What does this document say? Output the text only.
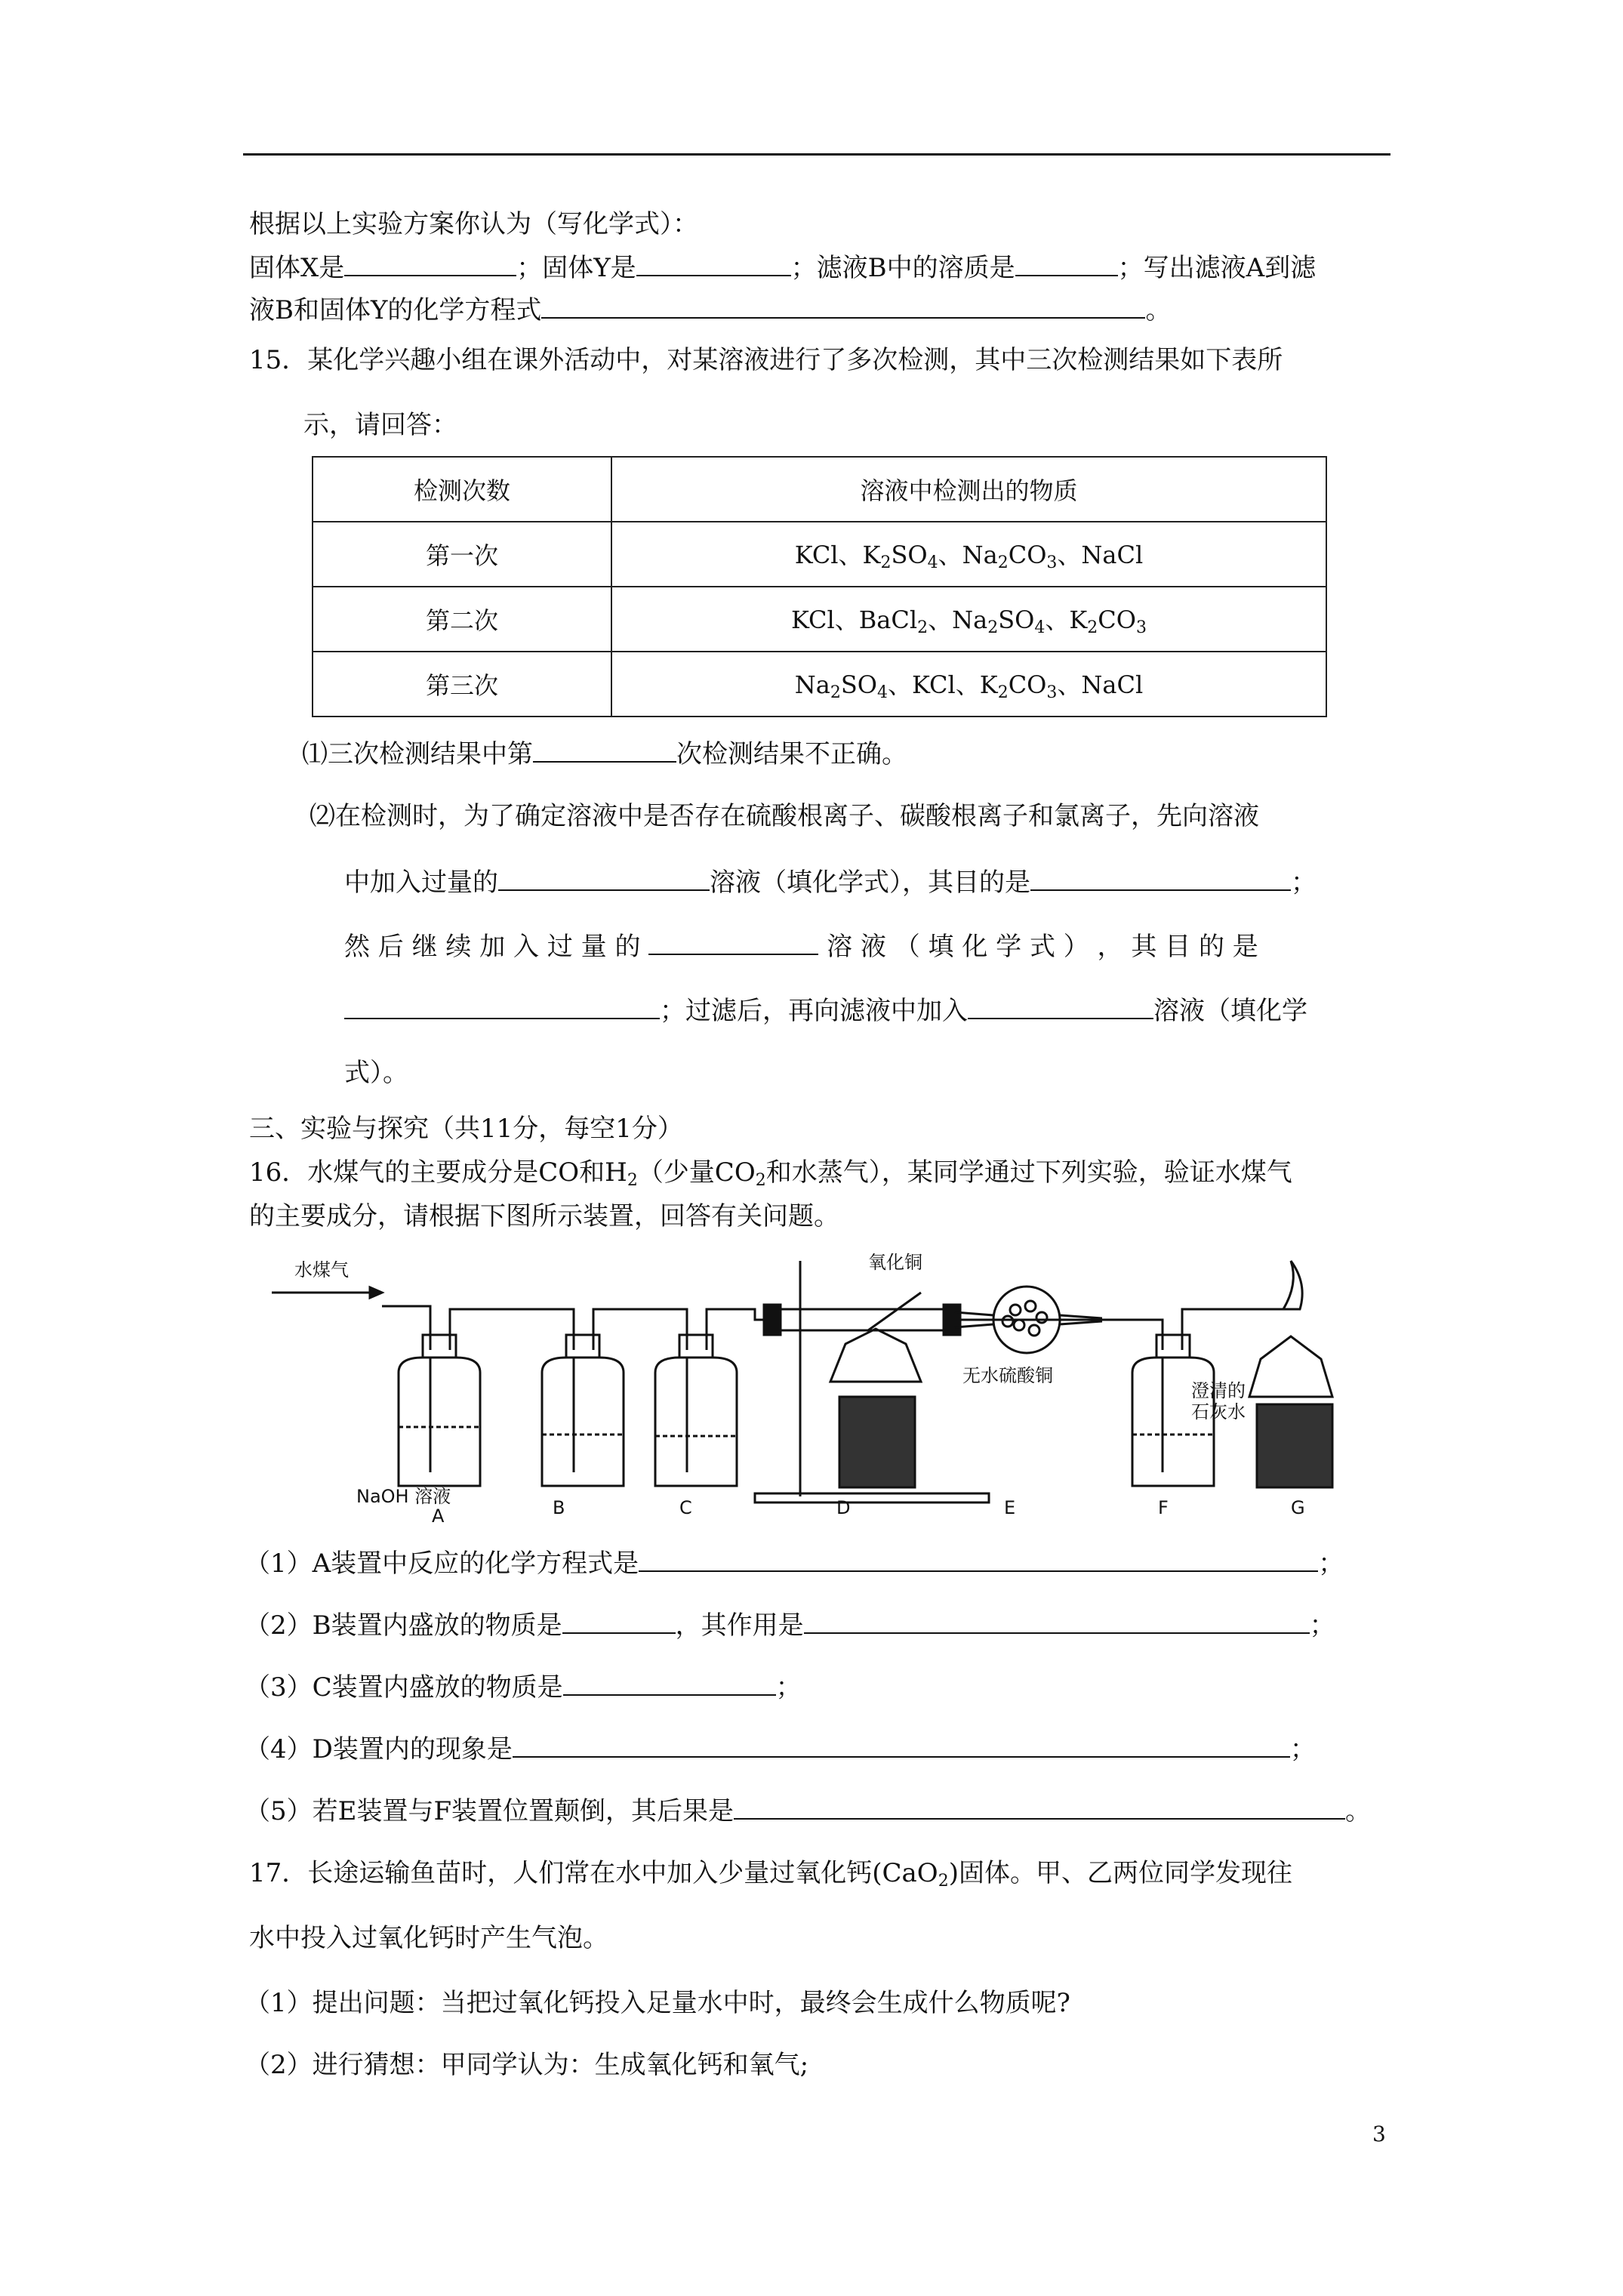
根据以上实验方案你认为（写化学式）：
固体X是	；固体Y是	；滤液B中的溶质是	；写出滤液A到滤
液B和固体Y的化学方程式	。
15．某化学兴趣小组在课外活动中，对某溶液进行了多次检测，其中三次检测结果如下表所
示，请回答：
检测次数	溶液中检测出的物质
第一次	KCl、$K_2SO_4$、$Na_2CO_3$、NaCl
第二次	KCl、BaCl$_2$、$Na_2SO_4$、$K_2CO_3$
第三次	$Na_2SO_4$、KCl、$K_2CO_3$、NaCl
⑴三次检测结果中第	次检测结果不正确。
⑵在检测时，为了确定溶液中是否存在硫酸根离子、碳酸根离子和氯离子，先向溶液
中加入过量的	溶液（填化学式），其目的是	；
然 后 继 续 加 入 过 量 的	溶 液 （ 填 化 学 式 ） ， 其 目 的 是
；过滤后，再向滤液中加入	溶液（填化学
式）。
三、实验与探究（共11分，每空1分）
16．水煤气的主要成分是CO和$H_2$（少量$CO_2$和水蒸气），某同学通过下列实验，验证水煤气
的主要成分，请根据下图所示装置，回答有关问题。
水煤气	氧化铜
无水硫酸铜
NaOH 溶液
澄清的
石灰水
A	B	C	D	E	F	G
（1）A装置中反应的化学方程式是	；
（2）B装置内盛放的物质是	，其作用是	；
（3）C装置内盛放的物质是	；
（4）D装置内的现象是	；
（5）若E装置与F装置位置颠倒，其后果是	。
17．长途运输鱼苗时，人们常在水中加入少量过氧化钙(CaO$_2$)固体。甲、乙两位同学发现往
水中投入过氧化钙时产生气泡。
（1）提出问题：当把过氧化钙投入足量水中时，最终会生成什么物质呢?
（2）进行猜想：甲同学认为：生成氧化钙和氧气;
3
